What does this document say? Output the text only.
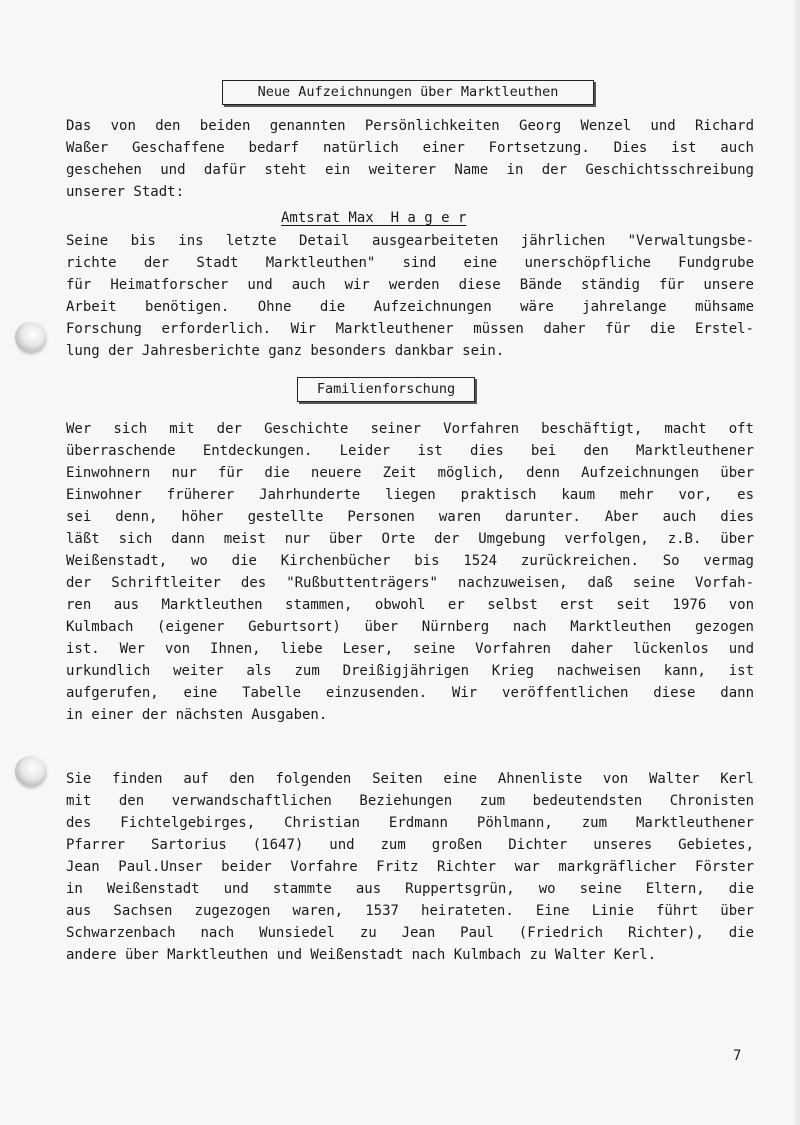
Neue Aufzeichnungen über Marktleuthen
Das von den beiden genannten Persönlichkeiten Georg Wenzel und Richard
Waßer Geschaffene bedarf natürlich einer Fortsetzung. Dies ist auch
geschehen und dafür steht ein weiterer Name in der Geschichtsschreibung
unserer Stadt:
Amtsrat Max  H a g e r
Seine bis ins letzte Detail ausgearbeiteten jährlichen "Verwaltungsbe-
richte der Stadt Marktleuthen" sind eine unerschöpfliche Fundgrube
für Heimatforscher und auch wir werden diese Bände ständig für unsere
Arbeit benötigen. Ohne die Aufzeichnungen wäre jahrelange mühsame
Forschung erforderlich. Wir Marktleuthener müssen daher für die Erstel-
lung der Jahresberichte ganz besonders dankbar sein.
Familienforschung
Wer sich mit der Geschichte seiner Vorfahren beschäftigt, macht oft
überraschende Entdeckungen. Leider ist dies bei den Marktleuthener
Einwohnern nur für die neuere Zeit möglich, denn Aufzeichnungen über
Einwohner früherer Jahrhunderte liegen praktisch kaum mehr vor, es
sei denn, höher gestellte Personen waren darunter. Aber auch dies
läßt sich dann meist nur über Orte der Umgebung verfolgen, z.B. über
Weißenstadt, wo die Kirchenbücher bis 1524 zurückreichen. So vermag
der Schriftleiter des "Rußbuttenträgers" nachzuweisen, daß seine Vorfah-
ren aus Marktleuthen stammen, obwohl er selbst erst seit 1976 von
Kulmbach (eigener Geburtsort) über Nürnberg nach Marktleuthen gezogen
ist. Wer von Ihnen, liebe Leser, seine Vorfahren daher lückenlos und
urkundlich weiter als zum Dreißigjährigen Krieg nachweisen kann, ist
aufgerufen, eine Tabelle einzusenden. Wir veröffentlichen diese dann
in einer der nächsten Ausgaben.
Sie finden auf den folgenden Seiten eine Ahnenliste von Walter Kerl
mit den verwandschaftlichen Beziehungen zum bedeutendsten Chronisten
des Fichtelgebirges, Christian Erdmann Pöhlmann, zum Marktleuthener
Pfarrer Sartorius (1647) und zum großen Dichter unseres Gebietes,
Jean Paul.Unser beider Vorfahre Fritz Richter war markgräflicher Förster
in Weißenstadt und stammte aus Ruppertsgrün, wo seine Eltern, die
aus Sachsen zugezogen waren, 1537 heirateten. Eine Linie führt über
Schwarzenbach nach Wunsiedel zu Jean Paul (Friedrich Richter), die
andere über Marktleuthen und Weißenstadt nach Kulmbach zu Walter Kerl.
7
